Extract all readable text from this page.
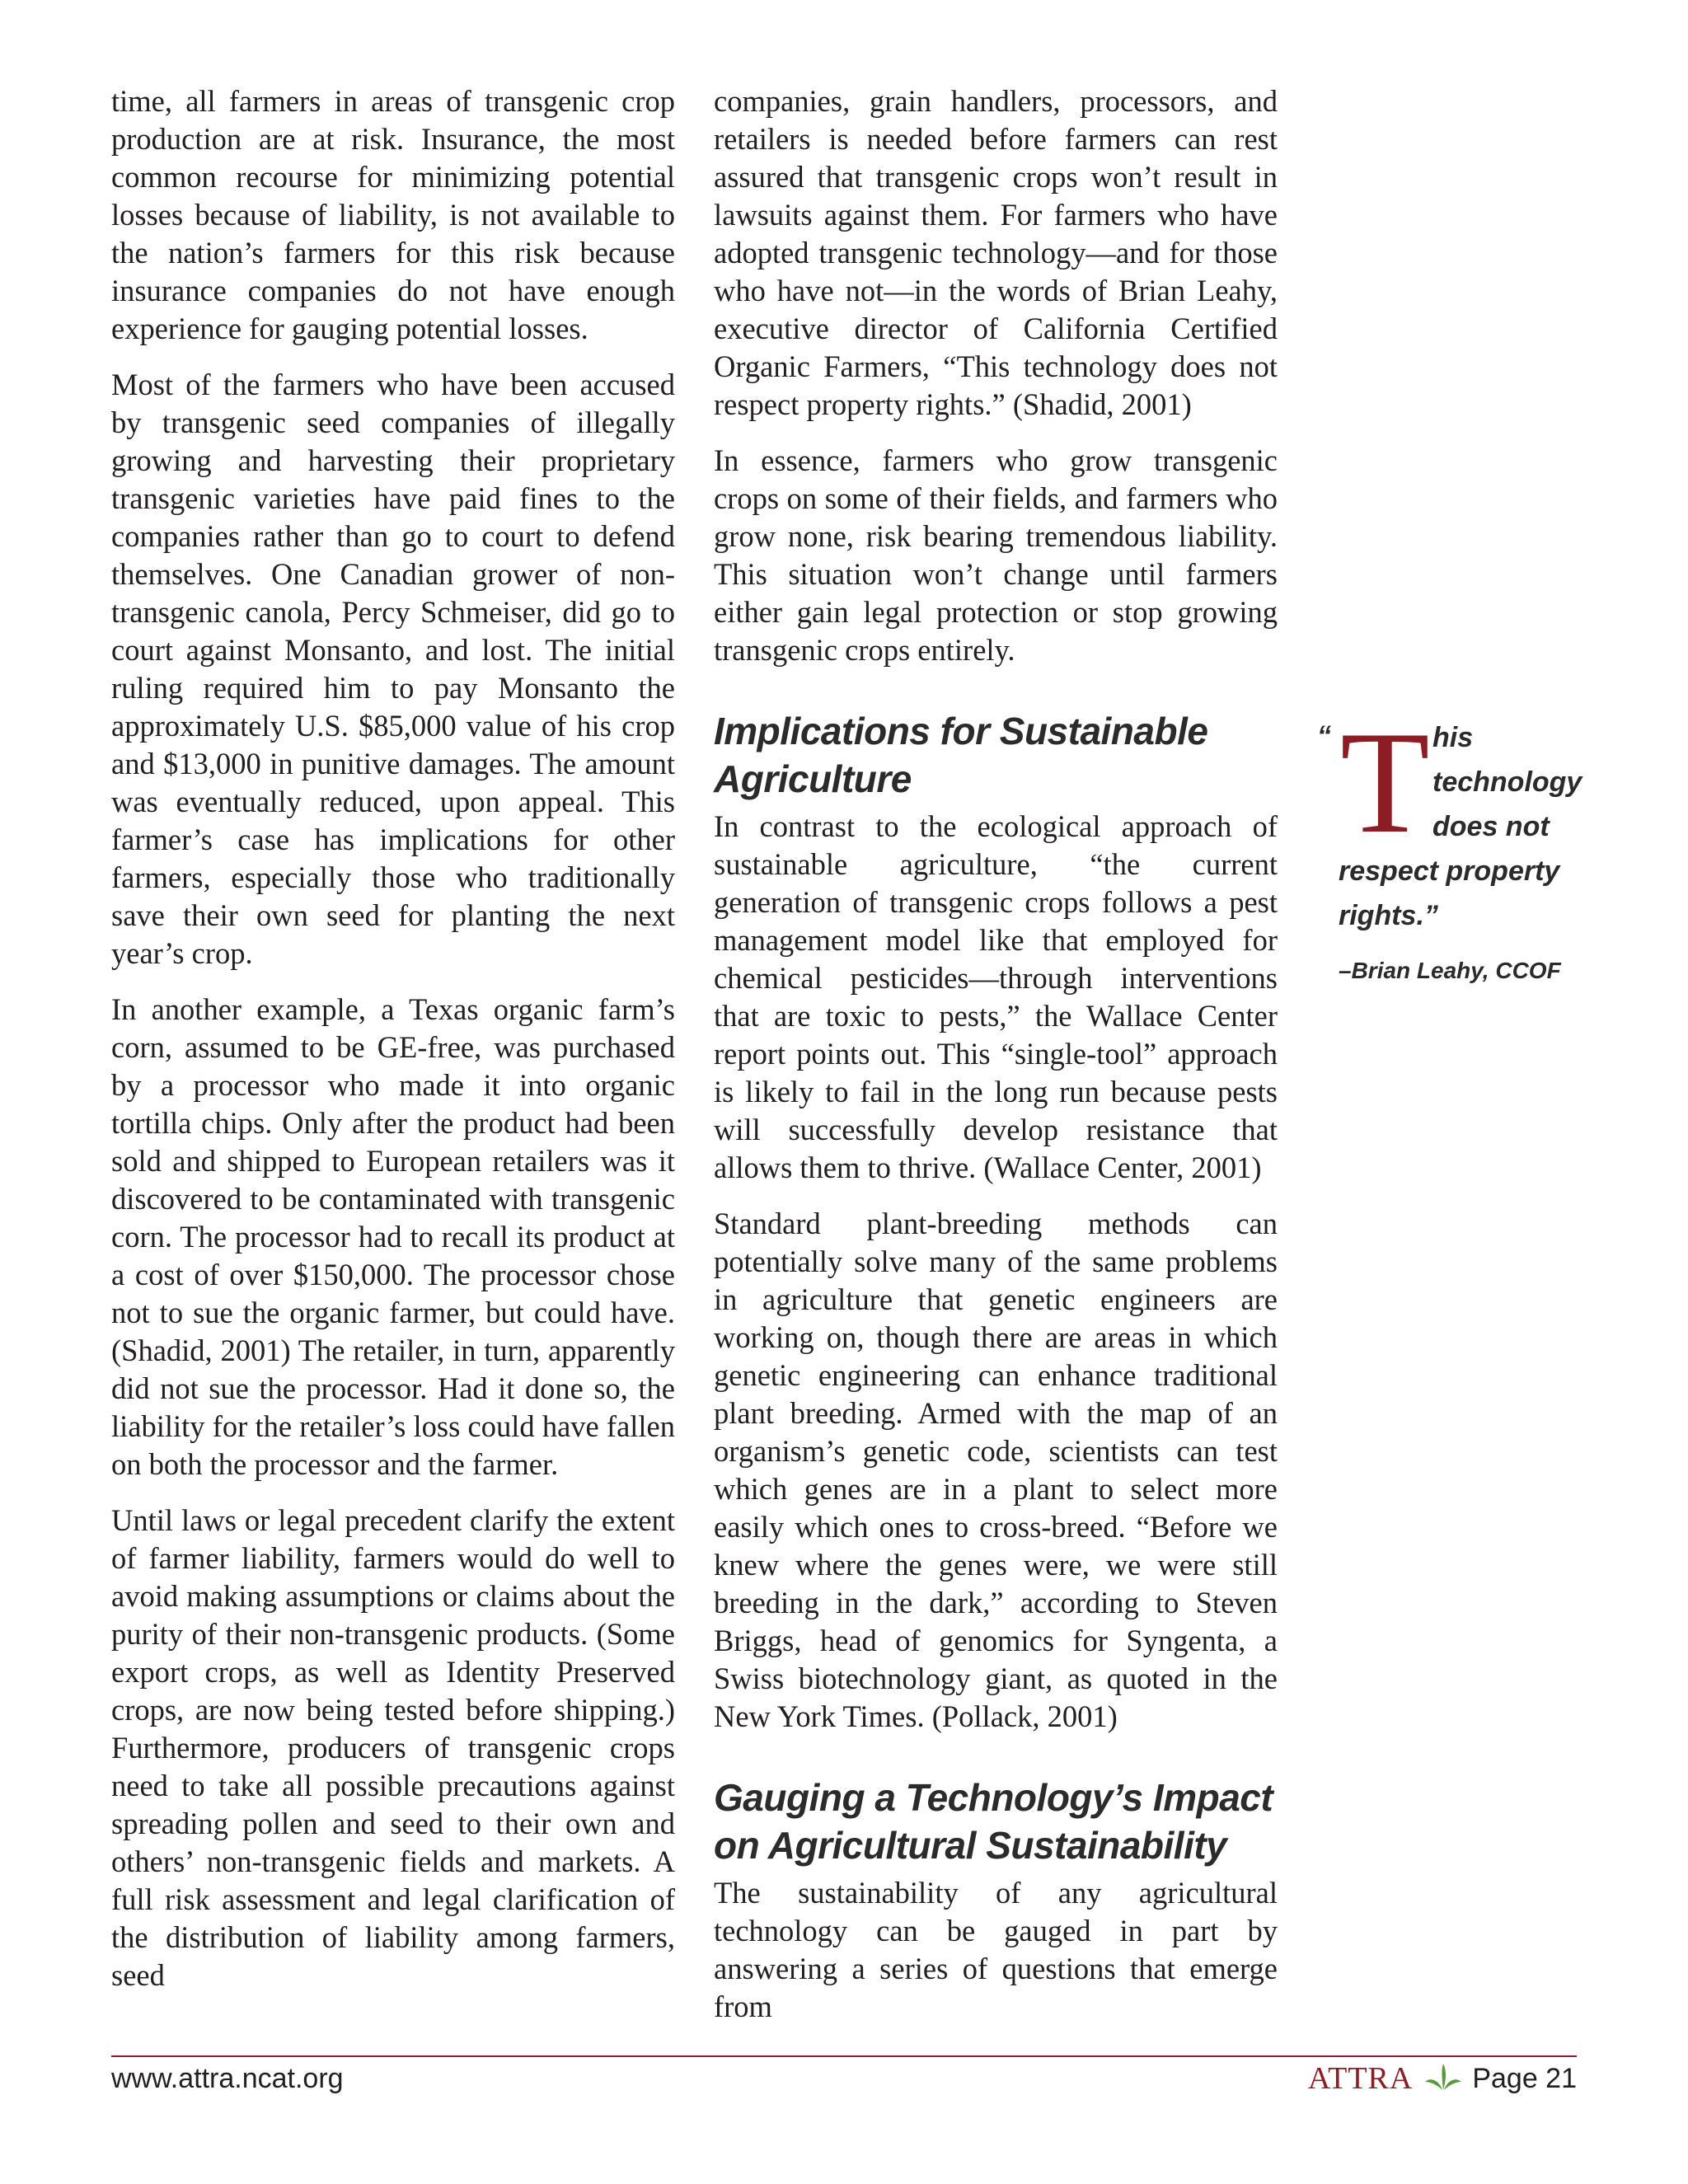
time, all farmers in areas of transgenic crop production are at risk. Insurance, the most common recourse for minimizing potential losses because of liability, is not available to the nation’s farmers for this risk because insurance companies do not have enough experience for gauging potential losses.

Most of the farmers who have been accused by transgenic seed companies of illegally growing and harvesting their proprietary transgenic varieties have paid fines to the companies rather than go to court to defend themselves. One Canadian grower of non-transgenic canola, Percy Schmeiser, did go to court against Monsanto, and lost. The initial ruling required him to pay Monsanto the approximately U.S. $85,000 value of his crop and $13,000 in punitive damages. The amount was eventually reduced, upon appeal. This farmer’s case has implications for other farmers, especially those who traditionally save their own seed for planting the next year’s crop.

In another example, a Texas organic farm’s corn, assumed to be GE-free, was purchased by a processor who made it into organic tortilla chips. Only after the product had been sold and shipped to European retailers was it discovered to be contaminated with transgenic corn. The processor had to recall its product at a cost of over $150,000. The processor chose not to sue the organic farmer, but could have. (Shadid, 2001) The retailer, in turn, apparently did not sue the processor. Had it done so, the liability for the retailer’s loss could have fallen on both the processor and the farmer.

Until laws or legal precedent clarify the extent of farmer liability, farmers would do well to avoid making assumptions or claims about the purity of their non-transgenic products. (Some export crops, as well as Identity Preserved crops, are now being tested before shipping.) Furthermore, producers of transgenic crops need to take all possible precautions against spreading pollen and seed to their own and others’ non-transgenic fields and markets. A full risk assessment and legal clarification of the distribution of liability among farmers, seed

companies, grain handlers, processors, and retailers is needed before farmers can rest assured that transgenic crops won’t result in lawsuits against them. For farmers who have adopted transgenic technology—and for those who have not—in the words of Brian Leahy, executive director of California Certified Organic Farmers, “This technology does not respect property rights.” (Shadid, 2001)

In essence, farmers who grow transgenic crops on some of their fields, and farmers who grow none, risk bearing tremendous liability. This situation won’t change until farmers either gain legal protection or stop growing transgenic crops entirely.

Implications for Sustainable Agriculture

In contrast to the ecological approach of sustainable agriculture, “the current generation of transgenic crops follows a pest management model like that employed for chemical pesticides—through interventions that are toxic to pests,” the Wallace Center report points out. This “single-tool” approach is likely to fail in the long run because pests will successfully develop resistance that allows them to thrive. (Wallace Center, 2001)

Standard plant-breeding methods can potentially solve many of the same problems in agriculture that genetic engineers are working on, though there are areas in which genetic engineering can enhance traditional plant breeding. Armed with the map of an organism’s genetic code, scientists can test which genes are in a plant to select more easily which ones to cross-breed. “Before we knew where the genes were, we were still breeding in the dark,” according to Steven Briggs, head of genomics for Syngenta, a Swiss biotechnology giant, as quoted in the New York Times. (Pollack, 2001)

Gauging a Technology’s Impact on Agricultural Sustainability

The sustainability of any agricultural technology can be gauged in part by answering a series of questions that emerge from

“ T his
technology
does not
respect property
rights.”
–Brian Leahy, CCOF
www.attra.ncat.org	ATTRA Page 21
